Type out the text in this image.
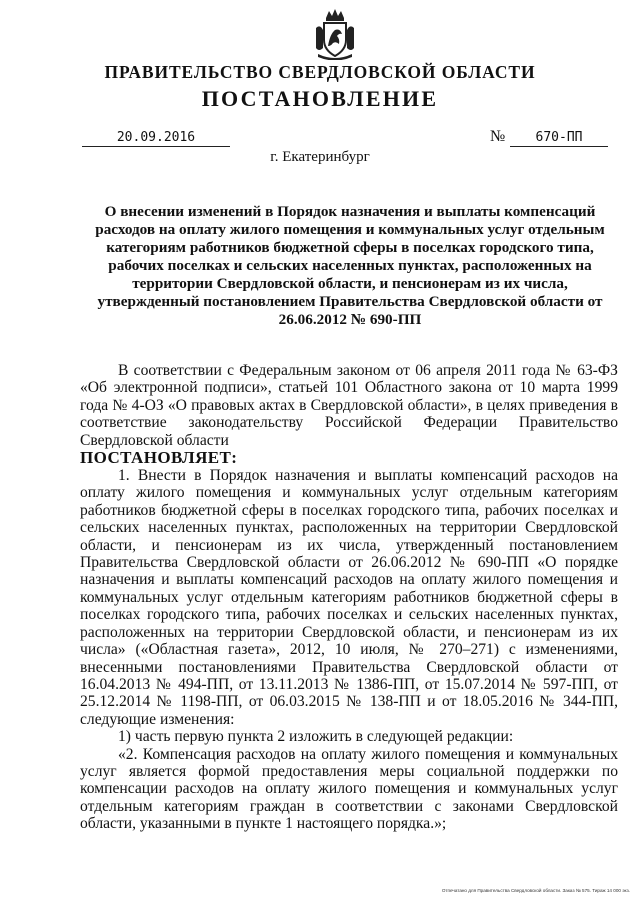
ПРАВИТЕЛЬСТВО СВЕРДЛОВСКОЙ ОБЛАСТИ
ПОСТАНОВЛЕНИЕ
20.09.2016	№	670-ПП
г. Екатеринбург
О внесении изменений в Порядок назначения и выплаты компенсаций расходов на оплату жилого помещения и коммунальных услуг отдельным категориям работников бюджетной сферы в поселках городского типа, рабочих поселках и сельских населенных пунктах, расположенных на территории Свердловской области, и пенсионерам из их числа, утвержденный постановлением Правительства Свердловской области от 26.06.2012 № 690-ПП

В соответствии с Федеральным законом от 06 апреля 2011 года № 63-ФЗ «Об электронной подписи», статьей 101 Областного закона от 10 марта 1999 года № 4-ОЗ «О правовых актах в Свердловской области», в целях приведения в соответствие законодательству Российской Федерации Правительство Свердловской области

ПОСТАНОВЛЯЕТ:

1. Внести в Порядок назначения и выплаты компенсаций расходов на оплату жилого помещения и коммунальных услуг отдельным категориям работников бюджетной сферы в поселках городского типа, рабочих поселках и сельских населенных пунктах, расположенных на территории Свердловской области, и пенсионерам из их числа, утвержденный постановлением Правительства Свердловской области от 26.06.2012 № 690-ПП «О порядке назначения и выплаты компенсаций расходов на оплату жилого помещения и коммунальных услуг отдельным категориям работников бюджетной сферы в поселках городского типа, рабочих поселках и сельских населенных пунктах, расположенных на территории Свердловской области, и пенсионерам из их числа» («Областная газета», 2012, 10 июля, № 270–271) с изменениями, внесенными постановлениями Правительства Свердловской области от 16.04.2013 № 494-ПП, от 13.11.2013 № 1386-ПП, от 15.07.2014 № 597-ПП, от 25.12.2014 № 1198-ПП, от 06.03.2015 № 138-ПП и от 18.05.2016 № 344-ПП, следующие изменения:

1) часть первую пункта 2 изложить в следующей редакции:

«2. Компенсация расходов на оплату жилого помещения и коммунальных услуг является формой предоставления меры социальной поддержки по компенсации расходов на оплату жилого помещения и коммунальных услуг отдельным категориям граждан в соответствии с законами Свердловской области, указанными в пункте 1 настоящего порядка.»;

Отпечатано для Правительства Свердловской области. Заказ № 575. Тираж 14 000 экз.
